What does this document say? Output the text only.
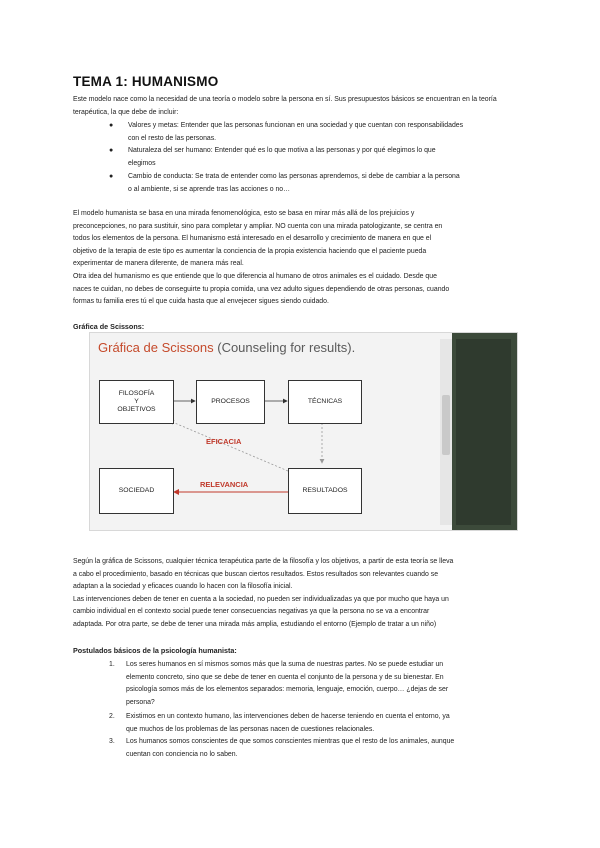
TEMA 1: HUMANISMO

Este modelo nace como la necesidad de una teoría o modelo sobre la persona en sí. Sus presupuestos básicos se encuentran en la teoría terapéutica, la que debe de incluir:

● Valores y metas: Entender que las personas funcionan en una sociedad y que cuentan con responsabilidades
con el resto de las personas.
● Naturaleza del ser humano: Entender qué es lo que motiva a las personas y por qué elegimos lo que
elegimos
● Cambio de conducta: Se trata de entender como las personas aprendemos, si debe de cambiar a la persona
o al ambiente, si se aprende tras las acciones o no…
El modelo humanista se basa en una mirada fenomenológica, esto se basa en mirar más allá de los prejuicios y
preconcepciones, no para sustituir, sino para completar y ampliar. NO cuenta con una mirada patologizante, se centra en
todos los elementos de la persona. El humanismo está interesado en el desarrollo y crecimiento de manera en que el
objetivo de la terapia de este tipo es aumentar la conciencia de la propia existencia haciendo que el paciente pueda
experimentar de manera diferente, de manera más real.
Otra idea del humanismo es que entiende que lo que diferencia al humano de otros animales es el cuidado. Desde que
naces te cuidan, no debes de conseguirte tu propia comida, una vez adulto sigues dependiendo de otras personas, cuando
formas tu familia eres tú el que cuida hasta que al envejecer sigues siendo cuidado.

Gráfica de Scissons:

Gráfica de Scissons (Counseling for results).

FILOSOFÍA
Y
OBJETIVOS
PROCESOS	TÉCNICAS
SOCIEDAD	RESULTADOS
EFICACIA
RELEVANCIA
Según la gráfica de Scissons, cualquier técnica terapéutica parte de la filosofía y los objetivos, a partir de esta teoría se lleva
a cabo el procedimiento, basado en técnicas que buscan ciertos resultados. Estos resultados son relevantes cuando se
adaptan a la sociedad y eficaces cuando lo hacen con la filosofía inicial.
Las intervenciones deben de tener en cuenta a la sociedad, no pueden ser individualizadas ya que por mucho que haya un
cambio individual en el contexto social puede tener consecuencias negativas ya que la persona no se va a encontrar
adaptada. Por otra parte, se debe de tener una mirada más amplia, estudiando el entorno (Ejemplo de tratar a un niño)

Postulados básicos de la psicología humanista:

1. Los seres humanos en sí mismos somos más que la suma de nuestras partes. No se puede estudiar un
elemento concreto, sino que se debe de tener en cuenta el conjunto de la persona y de su bienestar. En
psicología somos más de los elementos separados: memoria, lenguaje, emoción, cuerpo… ¿dejas de ser
persona?
2. Existimos en un contexto humano, las intervenciones deben de hacerse teniendo en cuenta el entorno, ya
que muchos de los problemas de las personas nacen de cuestiones relacionales.
3. Los humanos somos conscientes de que somos conscientes mientras que el resto de los animales, aunque
cuentan con conciencia no lo saben.
